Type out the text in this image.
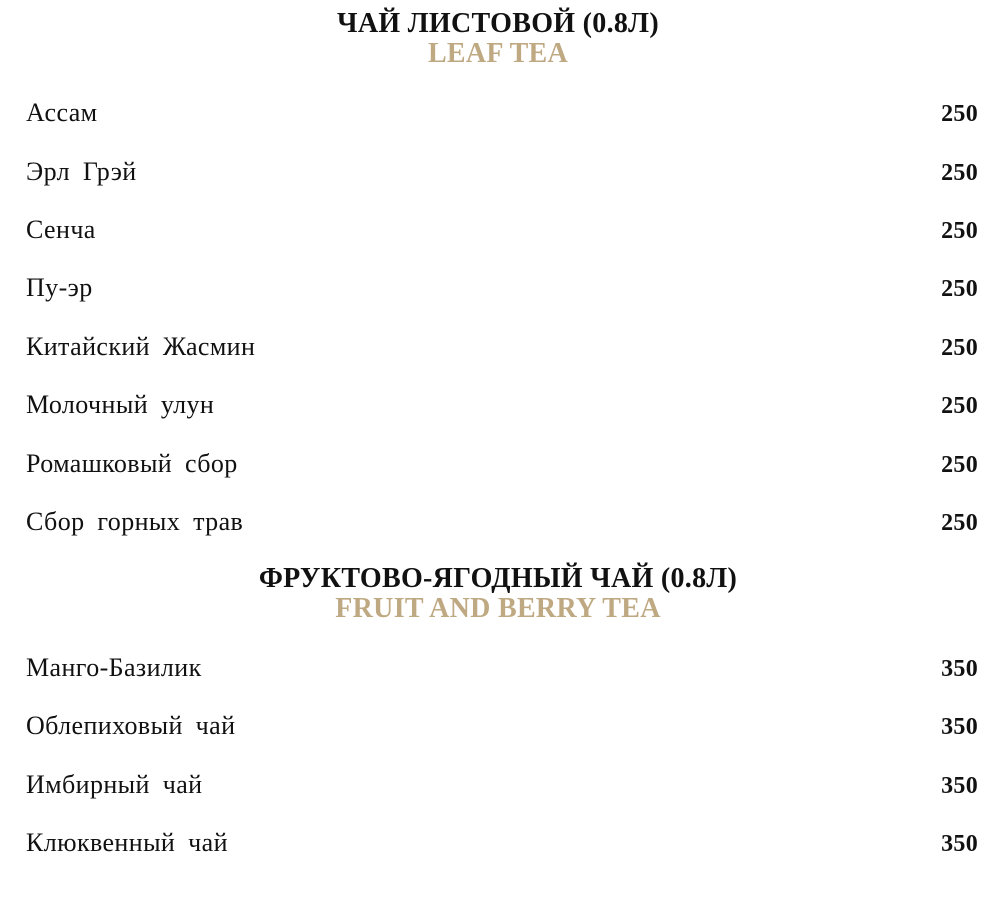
ЧАЙ ЛИСТОВОЙ (0.8Л)
LEAF TEA
Ассам	250
Эрл Грэй	250
Сенча	250
Пу-эр	250
Китайский Жасмин	250
Молочный улун	250
Ромашковый сбор	250
Сбор горных трав	250
ФРУКТОВО-ЯГОДНЫЙ ЧАЙ (0.8Л)
FRUIT AND BERRY TEA
Манго-Базилик	350
Облепиховый чай	350
Имбирный чай	350
Клюквенный чай	350
